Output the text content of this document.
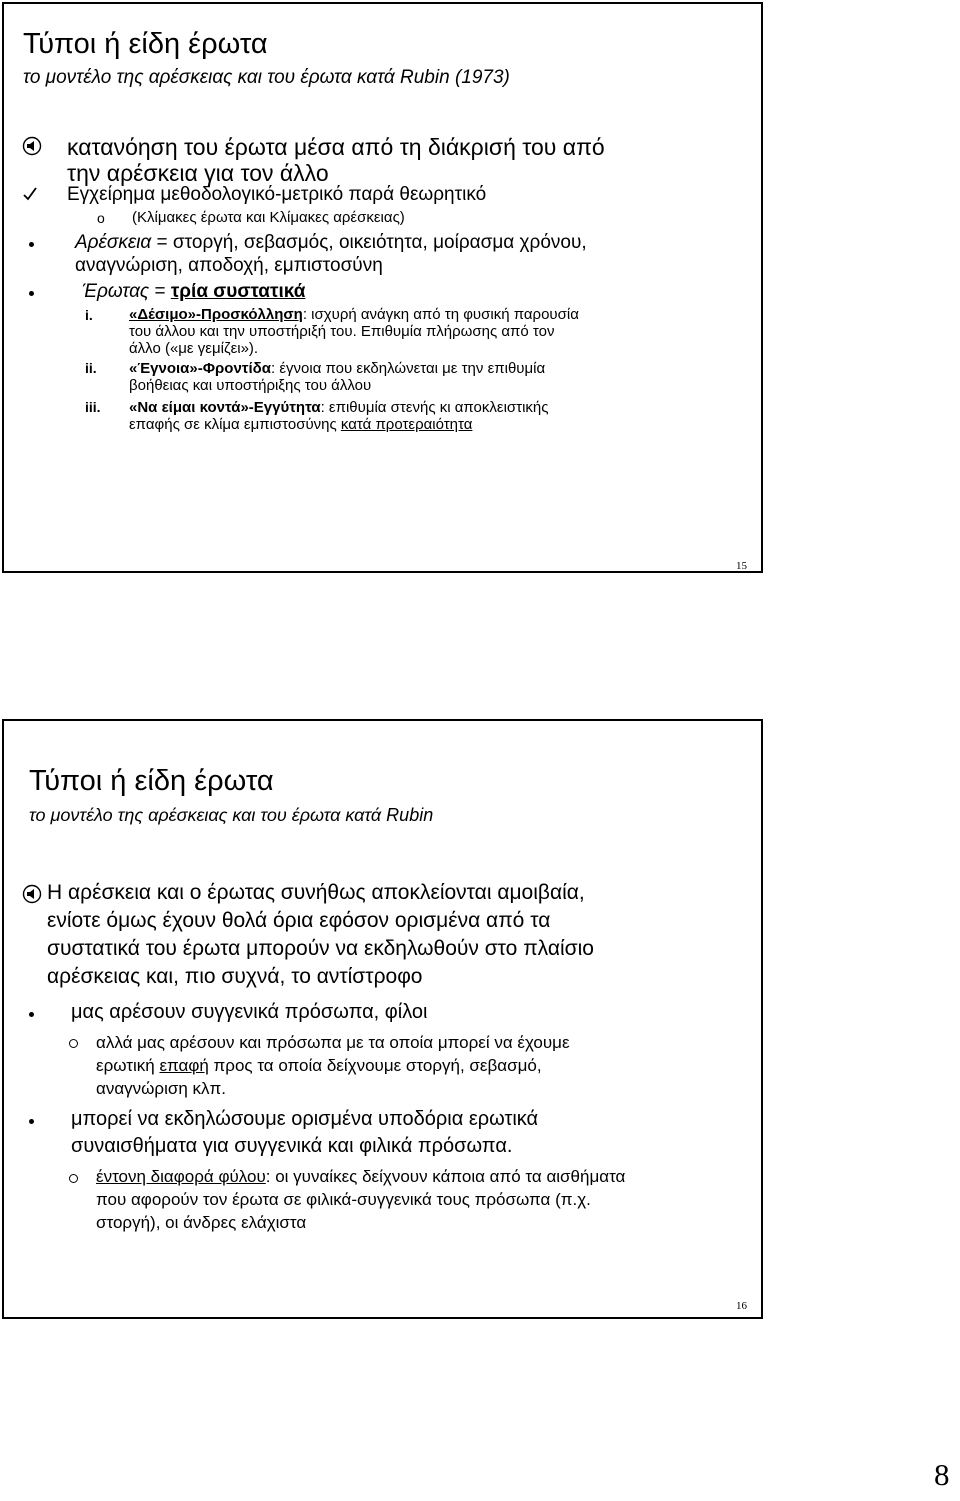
Τύποι ή είδη έρωτα
το μοντέλο της αρέσκειας και του έρωτα κατά Rubin (1973)
κατανόηση του έρωτα μέσα από τη διάκρισή του από
την αρέσκεια για τον άλλο
Εγχείρημα μεθοδολογικό-μετρικό παρά θεωρητικό
o (Κλίμακες έρωτα και Κλίμακες αρέσκειας)
Αρέσκεια = στοργή, σεβασμός, οικειότητα, μοίρασμα χρόνου,
αναγνώριση, αποδοχή, εμπιστοσύνη
Έρωτας = τρία συστατικά
i. «Δέσιμο»-Προσκόλληση: ισχυρή ανάγκη από τη φυσική παρουσία
του άλλου και την υποστήριξή του. Επιθυμία πλήρωσης από τον
άλλο («με γεμίζει»).
ii. «Έγνοια»-Φροντίδα: έγνοια που εκδηλώνεται με την επιθυμία
βοήθειας και υποστήριξης του άλλου
iii. «Να είμαι κοντά»-Εγγύτητα: επιθυμία στενής κι αποκλειστικής
επαφής σε κλίμα εμπιστοσύνης κατά προτεραιότητα
15
Τύποι ή είδη έρωτα
το μοντέλο της αρέσκειας και του έρωτα κατά Rubin
Η αρέσκεια και ο έρωτας συνήθως αποκλείονται αμοιβαία,
ενίοτε όμως έχουν θολά όρια εφόσον ορισμένα από τα
συστατικά του έρωτα μπορούν να εκδηλωθούν στο πλαίσιο
αρέσκειας και, πιο συχνά, το αντίστροφο
μας αρέσουν συγγενικά πρόσωπα, φίλοι
αλλά μας αρέσουν και πρόσωπα με τα οποία μπορεί να έχουμε
ερωτική επαφή προς τα οποία δείχνουμε στοργή, σεβασμό,
αναγνώριση κλπ.
μπορεί να εκδηλώσουμε ορισμένα υποδόρια ερωτικά
συναισθήματα για συγγενικά και φιλικά πρόσωπα.
έντονη διαφορά φύλου: οι γυναίκες δείχνουν κάποια από τα αισθήματα
που αφορούν τον έρωτα σε φιλικά-συγγενικά τους πρόσωπα (π.χ.
στοργή), οι άνδρες ελάχιστα
16
8
